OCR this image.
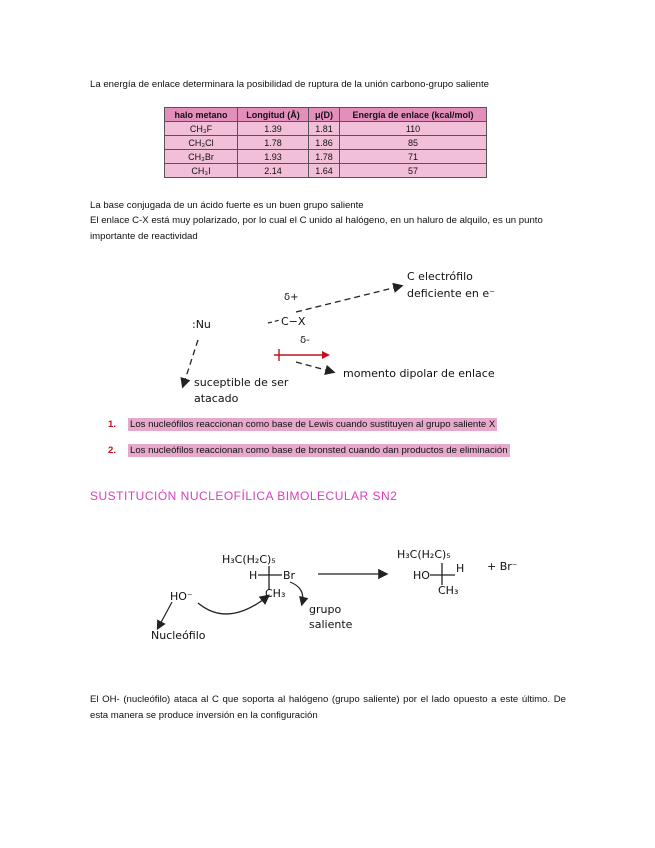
La energía de enlace determinara la posibilidad de ruptura de la unión carbono-grupo saliente
halo metano	Longitud (Å)	μ(D)	Energía de enlace (kcal/mol)
CH₃F	1.39	1.81	110
CH₃Cl	1.78	1.86	85
CH₃Br	1.93	1.78	71
CH₃I	2.14	1.64	57
La base conjugada de un ácido fuerte es un buen grupo saliente
El enlace C-X está muy polarizado, por lo cual el C unido al halógeno, en un haluro de alquilo, es un punto importante de reactividad
:Nu
δ+
C−X
δ-
C electrófilo
deficiente en e⁻
momento dipolar de enlace
suceptible de ser
atacado
1. Los nucleófilos reaccionan como base de Lewis cuando sustituyen al grupo saliente X
2. Los nucleófilos reaccionan como base de bronsted cuando dan productos de eliminación
SUSTITUCIÓN NUCLEOFÍLICA BIMOLECULAR SN2
H₃C(H₂C)₅
H Br
CH₃
HO⁻
Nucleófilo
grupo
saliente
H₃C(H₂C)₅
HO
H
CH₃
+ Br⁻
El OH- (nucleófilo) ataca al C que soporta al halógeno (grupo saliente) por el lado opuesto a este último. De esta manera se produce inversión en la configuración
